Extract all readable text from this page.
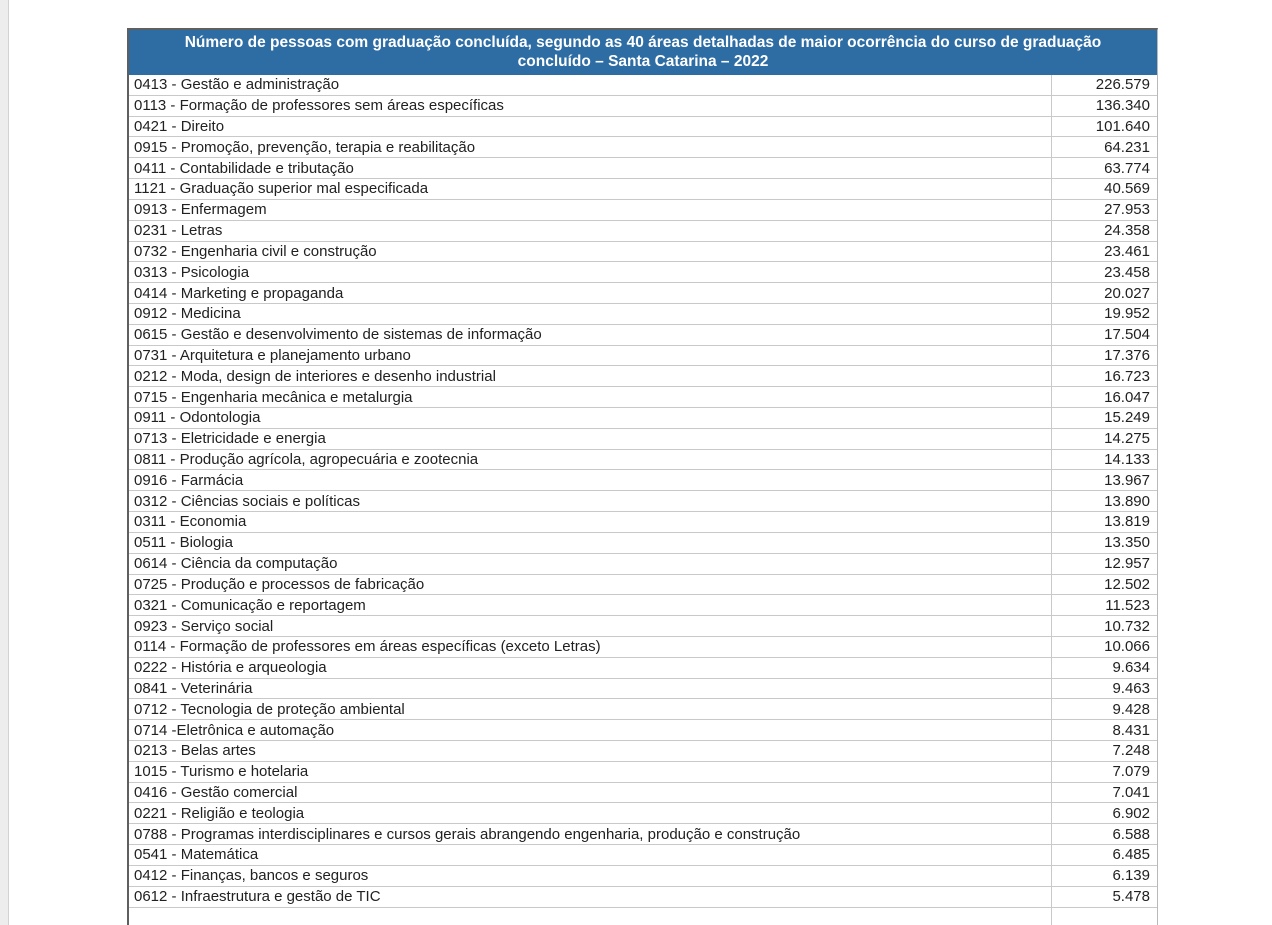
Número de pessoas com graduação concluída, segundo as 40 áreas detalhadas de maior ocorrência do curso de graduação
concluído – Santa Catarina – 2022
0413 - Gestão e administração	226.579
0113 - Formação de professores sem áreas específicas	136.340
0421 - Direito	101.640
0915 - Promoção, prevenção, terapia e reabilitação	64.231
0411 - Contabilidade e tributação	63.774
1121 - Graduação superior mal especificada	40.569
0913 - Enfermagem	27.953
0231 - Letras	24.358
0732 - Engenharia civil e construção	23.461
0313 - Psicologia	23.458
0414 - Marketing e propaganda	20.027
0912 - Medicina	19.952
0615 - Gestão e desenvolvimento de sistemas de informação	17.504
0731 - Arquitetura e planejamento urbano	17.376
0212 - Moda, design de interiores e desenho industrial	16.723
0715 - Engenharia mecânica e metalurgia	16.047
0911 - Odontologia	15.249
0713 - Eletricidade e energia	14.275
0811 - Produção agrícola, agropecuária e zootecnia	14.133
0916 - Farmácia	13.967
0312 - Ciências sociais e políticas	13.890
0311 - Economia	13.819
0511 - Biologia	13.350
0614 - Ciência da computação	12.957
0725 - Produção e processos de fabricação	12.502
0321 - Comunicação e reportagem	11.523
0923 - Serviço social	10.732
0114 - Formação de professores em áreas específicas (exceto Letras)	10.066
0222 - História e arqueologia	9.634
0841 - Veterinária	9.463
0712 - Tecnologia de proteção ambiental	9.428
0714 -Eletrônica e automação	8.431
0213 - Belas artes	7.248
1015 - Turismo e hotelaria	7.079
0416 - Gestão comercial	7.041
0221 - Religião e teologia	6.902
0788 - Programas interdisciplinares e cursos gerais abrangendo engenharia, produção e construção	6.588
0541 - Matemática	6.485
0412 - Finanças, bancos e seguros	6.139
0612 - Infraestrutura e gestão de TIC	5.478
